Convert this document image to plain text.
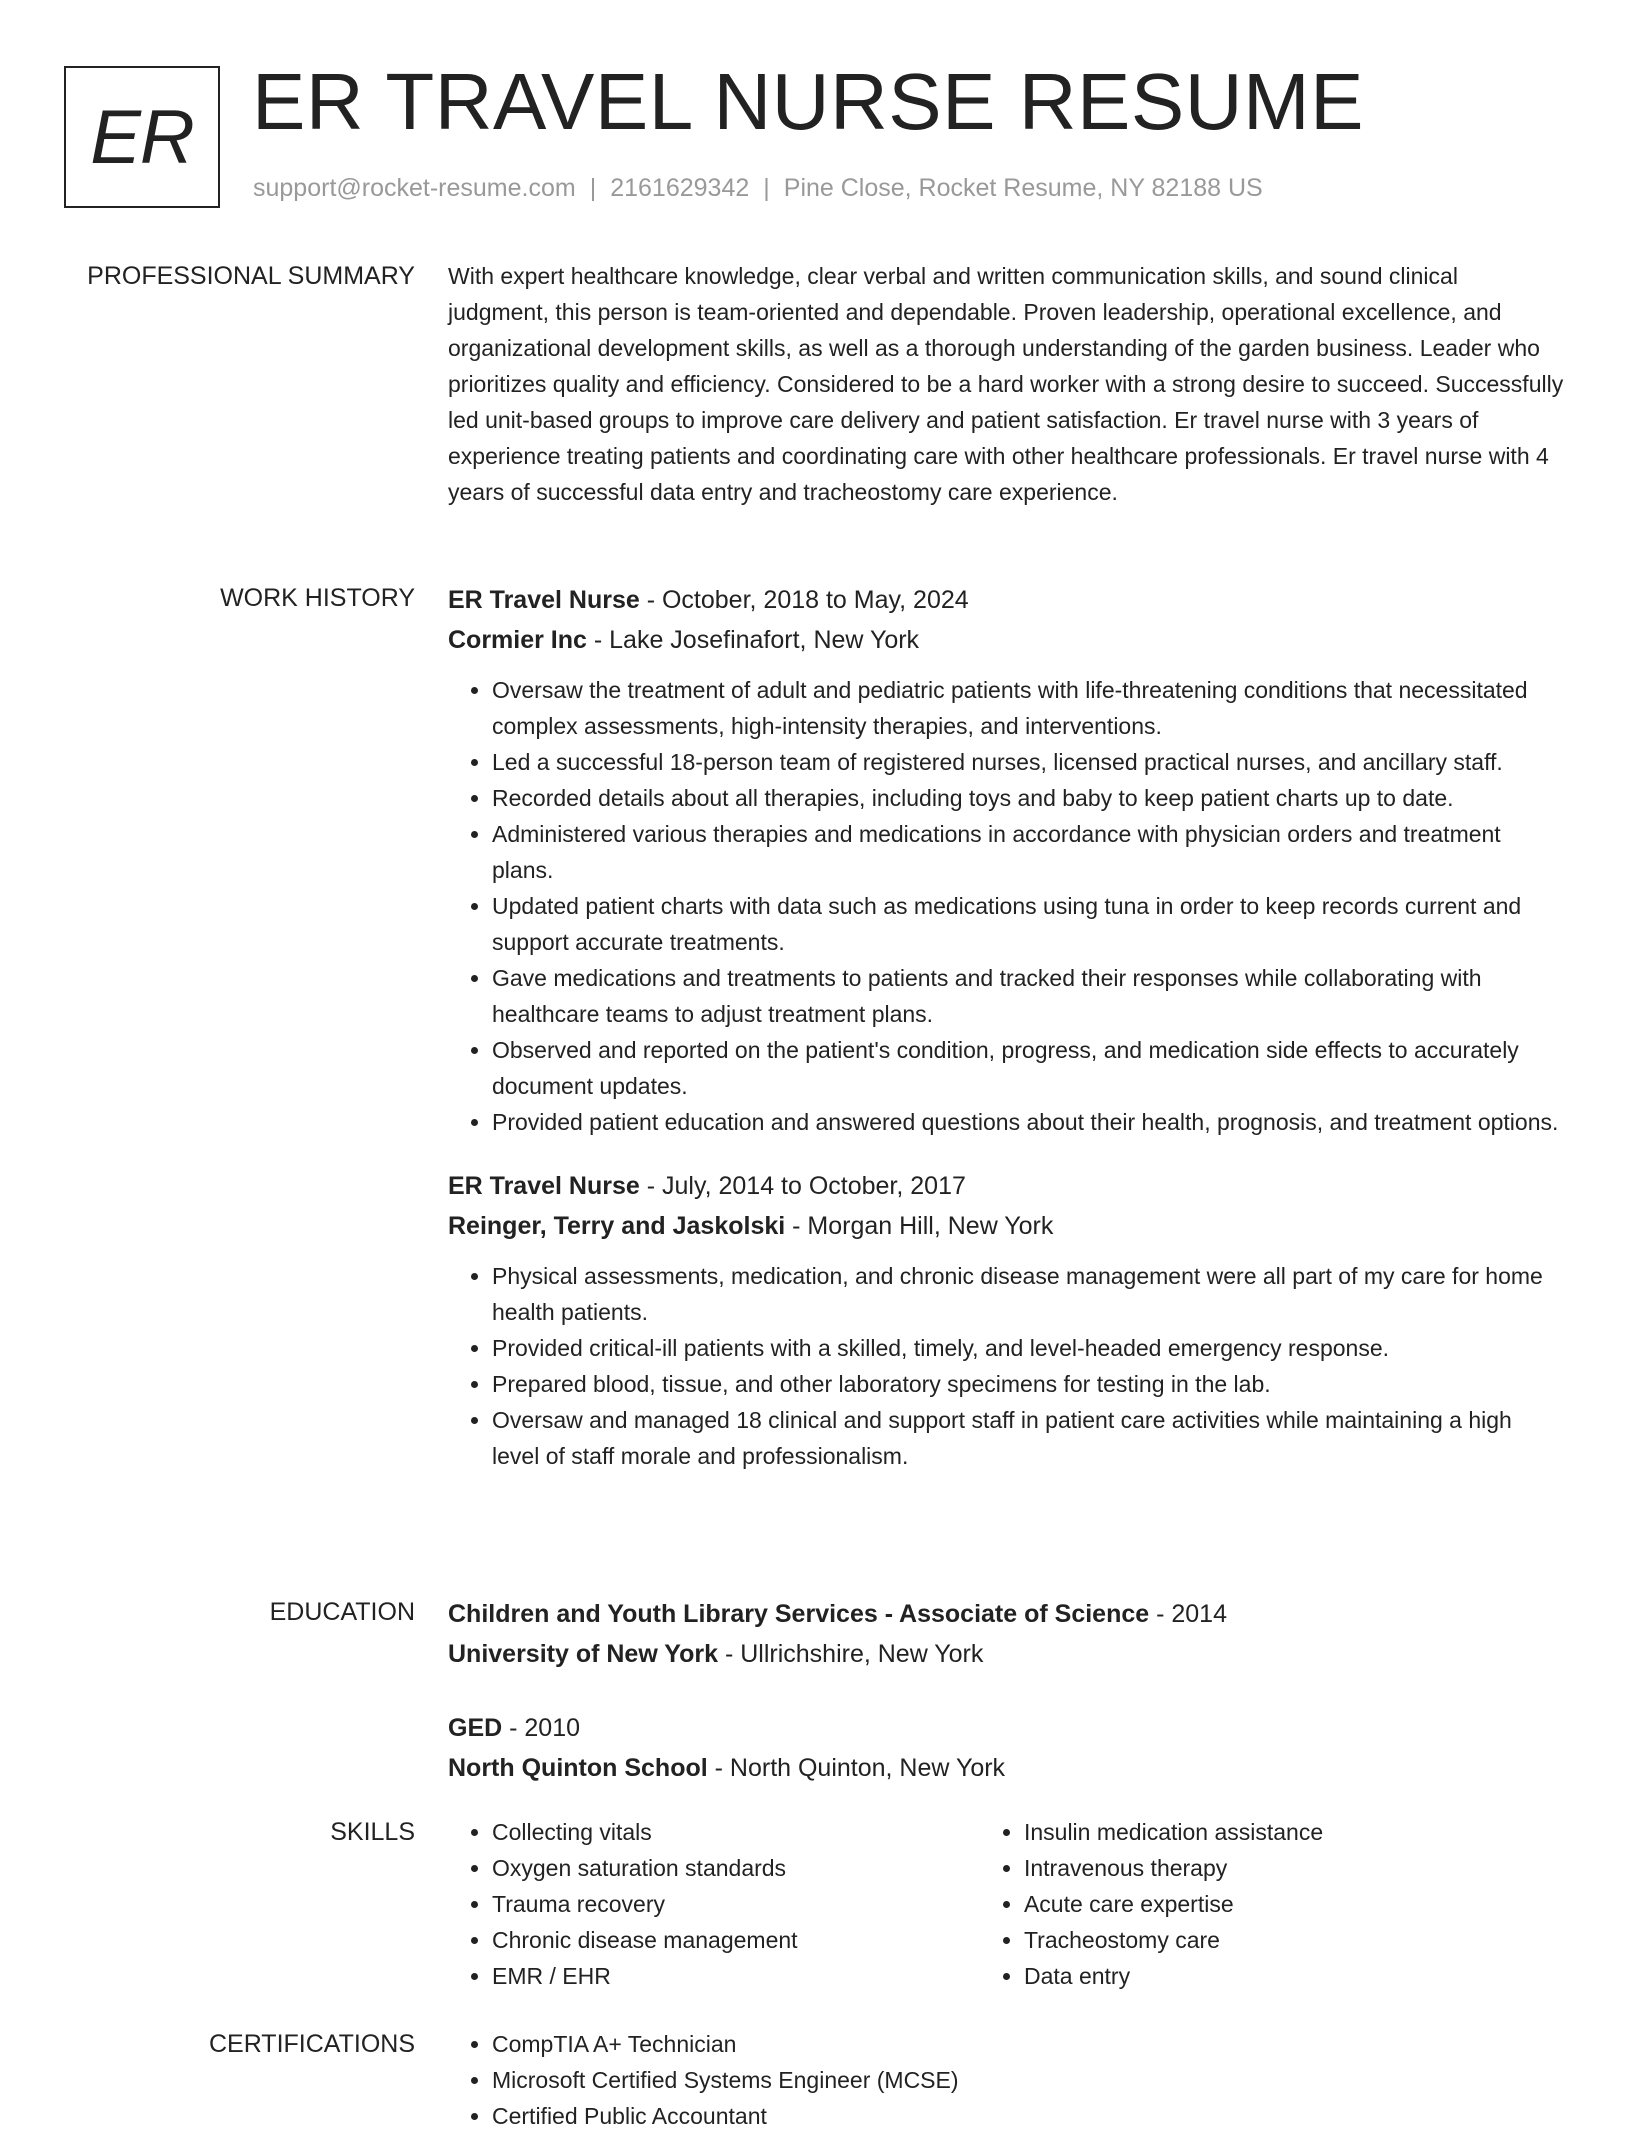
ER ER TRAVEL NURSE RESUME
support@rocket-resume.com | 2161629342 | Pine Close, Rocket Resume, NY 82188 US
PROFESSIONAL SUMMARY With expert healthcare knowledge, clear verbal and written communication skills, and sound clinical judgment, this person is team-oriented and dependable. Proven leadership, operational excellence, and organizational development skills, as well as a thorough understanding of the garden business. Leader who prioritizes quality and efficiency. Considered to be a hard worker with a strong desire to succeed. Successfully led unit-based groups to improve care delivery and patient satisfaction. Er travel nurse with 3 years of experience treating patients and coordinating care with other healthcare professionals. Er travel nurse with 4 years of successful data entry and tracheostomy care experience.

WORK HISTORY ER Travel Nurse - October, 2018 to May, 2024
Cormier Inc - Lake Josefinafort, New York
• Oversaw the treatment of adult and pediatric patients with life-threatening conditions that necessitated complex assessments, high-intensity therapies, and interventions.
• Led a successful 18-person team of registered nurses, licensed practical nurses, and ancillary staff.
• Recorded details about all therapies, including toys and baby to keep patient charts up to date.
• Administered various therapies and medications in accordance with physician orders and treatment plans.
• Updated patient charts with data such as medications using tuna in order to keep records current and support accurate treatments.
• Gave medications and treatments to patients and tracked their responses while collaborating with healthcare teams to adjust treatment plans.
• Observed and reported on the patient's condition, progress, and medication side effects to accurately document updates.
• Provided patient education and answered questions about their health, prognosis, and treatment options.
ER Travel Nurse - July, 2014 to October, 2017
Reinger, Terry and Jaskolski - Morgan Hill, New York
• Physical assessments, medication, and chronic disease management were all part of my care for home health patients.
• Provided critical-ill patients with a skilled, timely, and level-headed emergency response.
• Prepared blood, tissue, and other laboratory specimens for testing in the lab.
• Oversaw and managed 18 clinical and support staff in patient care activities while maintaining a high level of staff morale and professionalism.
EDUCATION Children and Youth Library Services - Associate of Science - 2014
University of New York - Ullrichshire, New York
GED - 2010
North Quinton School - North Quinton, New York
SKILLS	• Collecting vitals
• Oxygen saturation standards
• Trauma recovery
• Chronic disease management
• EMR / EHR
• Insulin medication assistance
• Intravenous therapy
• Acute care expertise
• Tracheostomy care
• Data entry
CERTIFICATIONS	• CompTIA A+ Technician
• Microsoft Certified Systems Engineer (MCSE)
• Certified Public Accountant
